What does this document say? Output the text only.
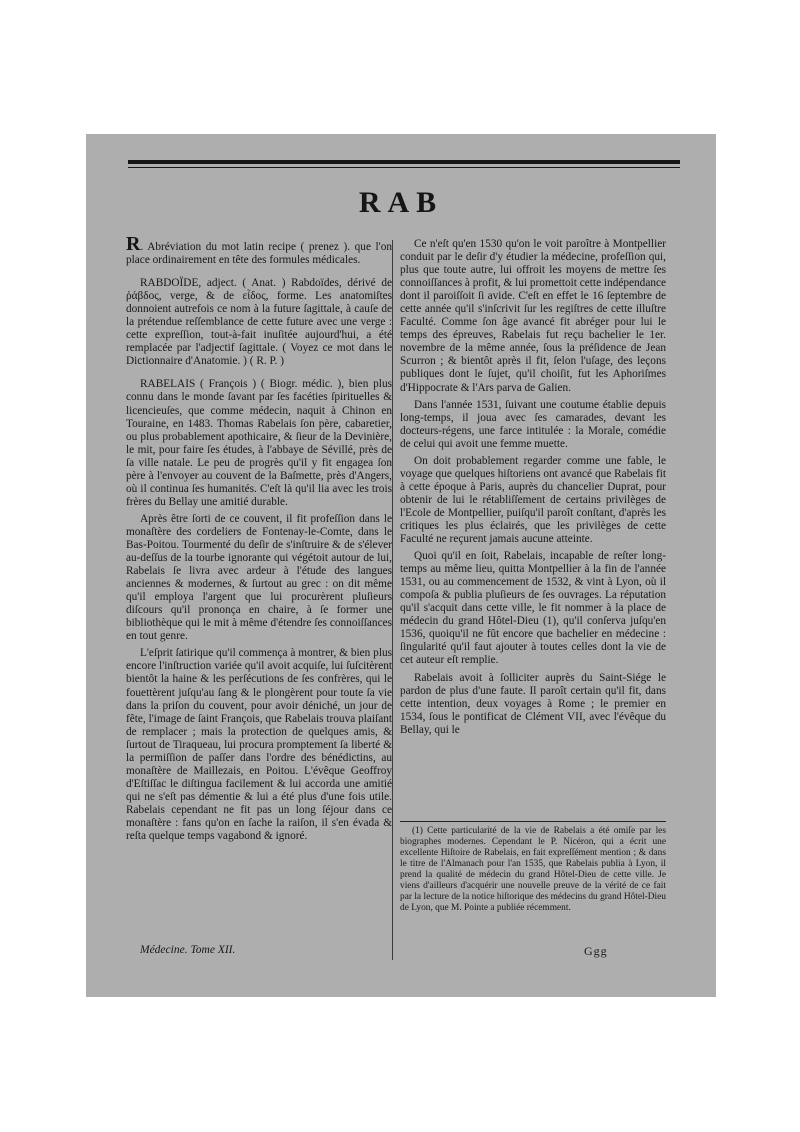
RAB

R. Abréviation du mot latin recipe ( prenez ). que l'on place ordinairement en tête des formules médicales.

RABDOÏDE, adject. ( Anat. ) Rabdoïdes, dérivé de ῥάβδος, verge, & de εἶδος, forme. Les anatomiſtes donnoient autrefois ce nom à la future ſagittale, à cauſe de la prétendue reſſemblance de cette future avec une verge : cette expreſſion, tout-à-fait inuſitée aujourd'hui, a été remplacée par l'adjectif ſagittale. ( Voyez ce mot dans le Dictionnaire d'Anatomie. ) ( R. P. )

RABELAIS ( François ) ( Biogr. médic. ), bien plus connu dans le monde ſavant par ſes facéties ſpirituelles & licencieuſes, que comme médecin, naquit à Chinon en Touraine, en 1483. Thomas Rabelais ſon père, cabaretier, ou plus probablement apothicaire, & ſieur de la Devinière, le mit, pour faire ſes études, à l'abbaye de Sévillé, près de ſa ville natale. Le peu de progrès qu'il y fit engagea ſon père à l'envoyer au couvent de la Baſmette, près d'Angers, où il continua ſes humanités. C'eſt là qu'il lia avec les trois frères du Bellay une amitié durable.

Après être ſorti de ce couvent, il fit profeſſion dans le monaſtère des cordeliers de Fontenay-le-Comte, dans le Bas-Poitou. Tourmenté du deſir de s'inſtruire & de s'élever au-deſſus de la tourbe ignorante qui végétoit autour de lui, Rabelais ſe livra avec ardeur à l'étude des langues anciennes & modernes, & ſurtout au grec : on dit même qu'il employa l'argent que lui procurèrent pluſieurs diſcours qu'il prononça en chaire, à ſe former une bibliothèque qui le mit à même d'étendre ſes connoiſſances en tout genre.

L'eſprit ſatirique qu'il commença à montrer, & bien plus encore l'inſtruction variée qu'il avoit acquiſe, lui ſuſcitèrent bientôt la haine & les perſécutions de ſes confrères, qui le fouettèrent juſqu'au ſang & le plongèrent pour toute ſa vie dans la priſon du couvent, pour avoir déniché, un jour de fête, l'image de ſaint François, que Rabelais trouva plaiſant de remplacer ; mais la protection de quelques amis, & ſurtout de Tiraqueau, lui procura promptement ſa liberté & la permiſſion de paſſer dans l'ordre des bénédictins, au monaſtère de Maillezais, en Poitou. L'évêque Geoffroy d'Eſtiſſac le diſtingua facilement & lui accorda une amitié qui ne s'eſt pas démentie & lui a été plus d'une fois utile. Rabelais cependant ne fit pas un long ſéjour dans ce monaſtère : fans qu'on en ſache la raiſon, il s'en évada & reſta quelque temps vagabond & ignoré.

Ce n'eſt qu'en 1530 qu'on le voit paroître à Montpellier conduit par le deſir d'y étudier la médecine, profeſſion qui, plus que toute autre, lui offroit les moyens de mettre ſes connoiſſances à profit, & lui promettoit cette indépendance dont il paroiſſoit ſi avide. C'eſt en effet le 16 ſeptembre de cette année qu'il s'inſcrivit ſur les regiſtres de cette illuſtre Faculté. Comme ſon âge avancé fit abréger pour lui le temps des épreuves, Rabelais fut reçu bachelier le 1er. novembre de la même année, ſous la préſidence de Jean Scurron ; & bientôt après il fit, ſelon l'uſage, des leçons publiques dont le ſujet, qu'il choiſit, fut les Aphoriſmes d'Hippocrate & l'Ars parva de Galien.

Dans l'année 1531, ſuivant une coutume établie depuis long-temps, il joua avec ſes camarades, devant les docteurs-régens, une farce intitulée : la Morale, comédie de celui qui avoit une femme muette.

On doit probablement regarder comme une fable, le voyage que quelques hiſtoriens ont avancé que Rabelais fit à cette époque à Paris, auprès du chancelier Duprat, pour obtenir de lui le rétabliſſement de certains privilèges de l'Ecole de Montpellier, puiſqu'il paroît conſtant, d'après les critiques les plus éclairés, que les privilèges de cette Faculté ne reçurent jamais aucune atteinte.

Quoi qu'il en ſoit, Rabelais, incapable de reſter long-temps au même lieu, quitta Montpellier à la fin de l'année 1531, ou au commencement de 1532, & vint à Lyon, où il compoſa & publia pluſieurs de ſes ouvrages. La réputation qu'il s'acquit dans cette ville, le fit nommer à la place de médecin du grand Hôtel-Dieu (1), qu'il conſerva juſqu'en 1536, quoiqu'il ne fût encore que bachelier en médecine : ſingularité qu'il faut ajouter à toutes celles dont la vie de cet auteur eſt remplie.

Rabelais avoit à ſolliciter auprès du Saint-Siége le pardon de plus d'une faute. Il paroît certain qu'il fit, dans cette intention, deux voyages à Rome ; le premier en 1534, ſous le pontificat de Clément VII, avec l'évêque du Bellay, qui le

(1) Cette particularité de la vie de Rabelais a été omiſe par les biographes modernes. Cependant le P. Nicéron, qui a écrit une excellente Hiſtoire de Rabelais, en fait expreſſément mention ; & dans le titre de l'Almanach pour l'an 1535, que Rabelais publia à Lyon, il prend la qualité de médecin du grand Hôtel-Dieu de cette ville. Je viens d'ailleurs d'acquérir une nouvelle preuve de la vérité de ce fait par la lecture de la notice hiſtorique des médecins du grand Hôtel-Dieu de Lyon, que M. Pointe a publiée récemment.

Médecine. Tome XII.	Ggg
